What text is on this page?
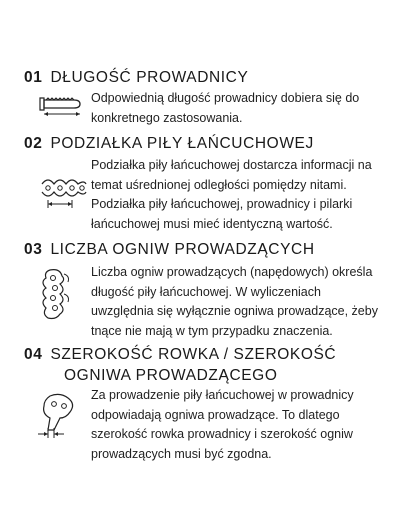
01 DŁUGOŚĆ PROWADNICY
Odpowiednią długość prowadnicy dobiera się do
konkretnego zastosowania.
02 PODZIAŁKA PIŁY ŁAŃCUCHOWEJ
Podziałka piły łańcuchowej dostarcza informacji na
temat uśrednionej odległości pomiędzy nitami.
Podziałka piły łańcuchowej, prowadnicy i pilarki
łańcuchowej musi mieć identyczną wartość.
03 LICZBA OGNIW PROWADZĄCYCH
Liczba ogniw prowadzących (napędowych) określa
długość piły łańcuchowej. W wyliczeniach
uwzględnia się wyłącznie ogniwa prowadzące, żeby
tnące nie mają w tym przypadku znaczenia.
04 SZEROKOŚĆ ROWKA / SZEROKOŚĆ
OGNIWA PROWADZĄCEGO
Za prowadzenie piły łańcuchowej w prowadnicy
odpowiadają ogniwa prowadzące. To dlatego
szerokość rowka prowadnicy i szerokość ogniw
prowadzących musi być zgodna.
